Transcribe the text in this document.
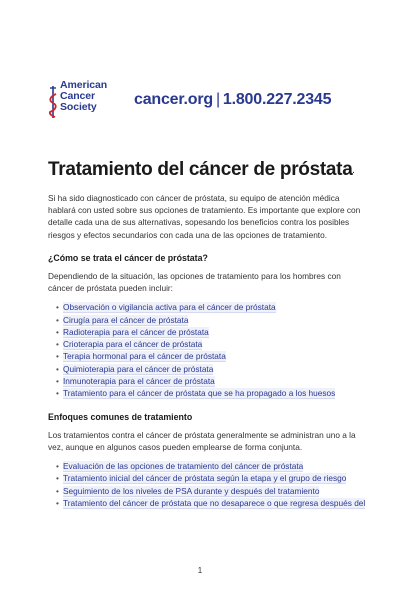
American
Cancer
Society	cancer.org | 1.800.227.2345
Tratamiento del cáncer de próstata·

Si ha sido diagnosticado con cáncer de próstata, su equipo de atención médica hablará con usted sobre sus opciones de tratamiento. Es importante que explore con detalle cada una de sus alternativas, sopesando los beneficios contra los posibles riesgos y efectos secundarios con cada una de las opciones de tratamiento.

¿Cómo se trata el cáncer de próstata?

Dependiendo de la situación, las opciones de tratamiento para los hombres con cáncer de próstata pueden incluir:

• Observación o vigilancia activa para el cáncer de próstata
• Cirugía para el cáncer de próstata
• Radioterapia para el cáncer de próstata
• Crioterapia para el cáncer de próstata
• Terapia hormonal para el cáncer de próstata
• Quimioterapia para el cáncer de próstata
• Inmunoterapia para el cáncer de próstata
• Tratamiento para el cáncer de próstata que se ha propagado a los huesos
Enfoques comunes de tratamiento

Los tratamientos contra el cáncer de próstata generalmente se administran uno a la vez, aunque en algunos casos pueden emplearse de forma conjunta.

• Evaluación de las opciones de tratamiento del cáncer de próstata
• Tratamiento inicial del cáncer de próstata según la etapa y el grupo de riesgo
• Seguimiento de los niveles de PSA durante y después del tratamiento
• Tratamiento del cáncer de próstata que no desaparece o que regresa después del
1
